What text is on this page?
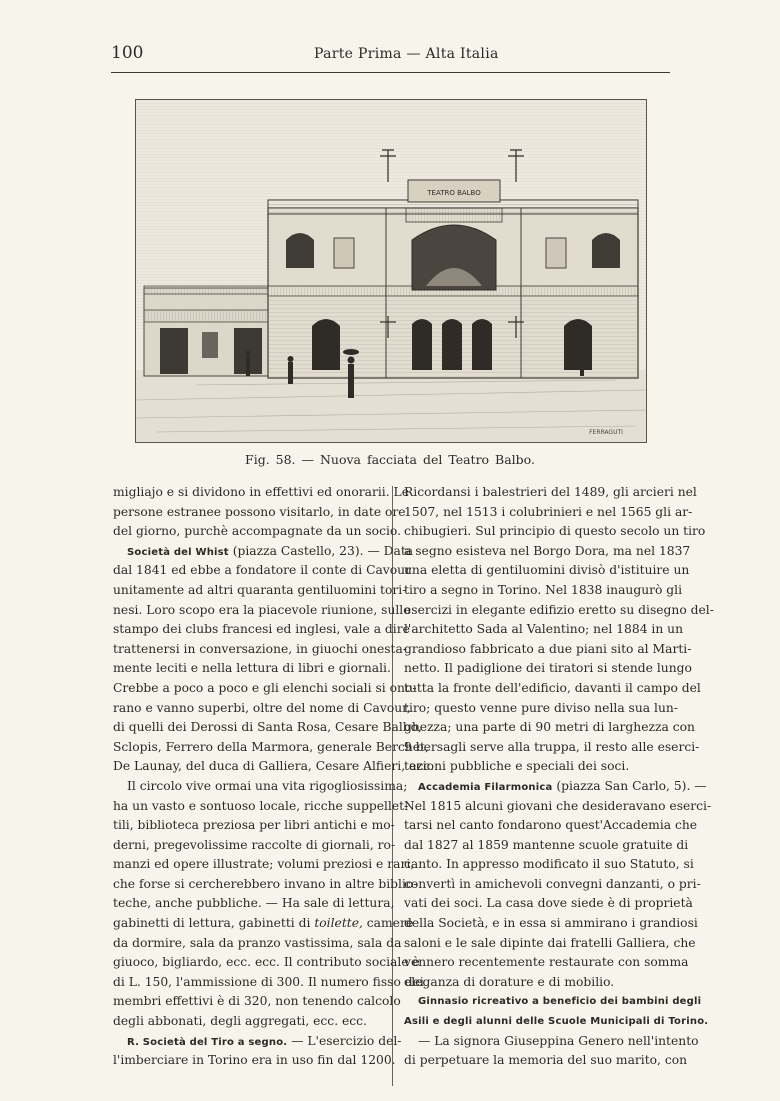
100	Parte Prima — Alta Italia
TEATRO BALBO
FERRAGUTI
Fig. 58. — Nuova facciata del Teatro Balbo.
migliajo e si dividono in effettivi ed onorarii. Le
persone estranee possono visitarlo, in date ore
del giorno, purchè accompagnate da un socio.
Società del Whist (piazza Castello, 23). — Data
dal 1841 ed ebbe a fondatore il conte di Cavour
unitamente ad altri quaranta gentiluomini tori-
nesi. Loro scopo era la piacevole riunione, sullo
stampo dei clubs francesi ed inglesi, vale a dire
trattenersi in conversazione, in giuochi onesta-
mente leciti e nella lettura di libri e giornali.
Crebbe a poco a poco e gli elenchi sociali si ono-
rano e vanno superbi, oltre del nome di Cavour,
di quelli dei Derossi di Santa Rosa, Cesare Balbo,
Sclopis, Ferrero della Marmora, generale Berchet,
De Launay, del duca di Galliera, Cesare Alfieri, ecc.
Il circolo vive ormai una vita rigogliosissima;
ha un vasto e sontuoso locale, ricche suppellet-
tili, biblioteca preziosa per libri antichi e mo-
derni, pregevolissime raccolte di giornali, ro-
manzi ed opere illustrate; volumi preziosi e rari,
che forse si cercherebbero invano in altre biblio-
teche, anche pubbliche. — Ha sale di lettura,
gabinetti di lettura, gabinetti di toilette, camere
da dormire, sala da pranzo vastissima, sala da
giuoco, bigliardo, ecc. ecc. Il contributo sociale è
di L. 150, l'ammissione di 300. Il numero fisso dei
membri effettivi è di 320, non tenendo calcolo
degli abbonati, degli aggregati, ecc. ecc.
R. Società del Tiro a segno. — L'esercizio del-
l'imberciare in Torino era in uso fin dal 1200.
Ricordansi i balestrieri del 1489, gli arcieri nel
1507, nel 1513 i colubrinieri e nel 1565 gli ar-
chibugieri. Sul principio di questo secolo un tiro
a segno esisteva nel Borgo Dora, ma nel 1837
una eletta di gentiluomini divisò d'istituire un
tiro a segno in Torino. Nel 1838 inaugurò gli
esercizi in elegante edifizio eretto su disegno del-
l'architetto Sada al Valentino; nel 1884 in un
grandioso fabbricato a due piani sito al Marti-
netto. Il padiglione dei tiratori si stende lungo
tutta la fronte dell'edificio, davanti il campo del
tiro; questo venne pure diviso nella sua lun-
ghezza; una parte di 90 metri di larghezza con
9 bersagli serve alla truppa, il resto alle eserci-
tazioni pubbliche e speciali dei soci.
Accademia Filarmonica (piazza San Carlo, 5). —
Nel 1815 alcuni giovani che desideravano eserci-
tarsi nel canto fondarono quest'Accademia che
dal 1827 al 1859 mantenne scuole gratuite di
canto. In appresso modificato il suo Statuto, si
convertì in amichevoli convegni danzanti, o pri-
vati dei soci. La casa dove siede è di proprietà
della Società, e in essa si ammirano i grandiosi
saloni e le sale dipinte dai fratelli Galliera, che
vennero recentemente restaurate con somma
eleganza di dorature e di mobilio.
Ginnasio ricreativo a beneficio dei bambini degli
Asili e degli alunni delle Scuole Municipali di Torino.
— La signora Giuseppina Genero nell'intento
di perpetuare la memoria del suo marito, con
